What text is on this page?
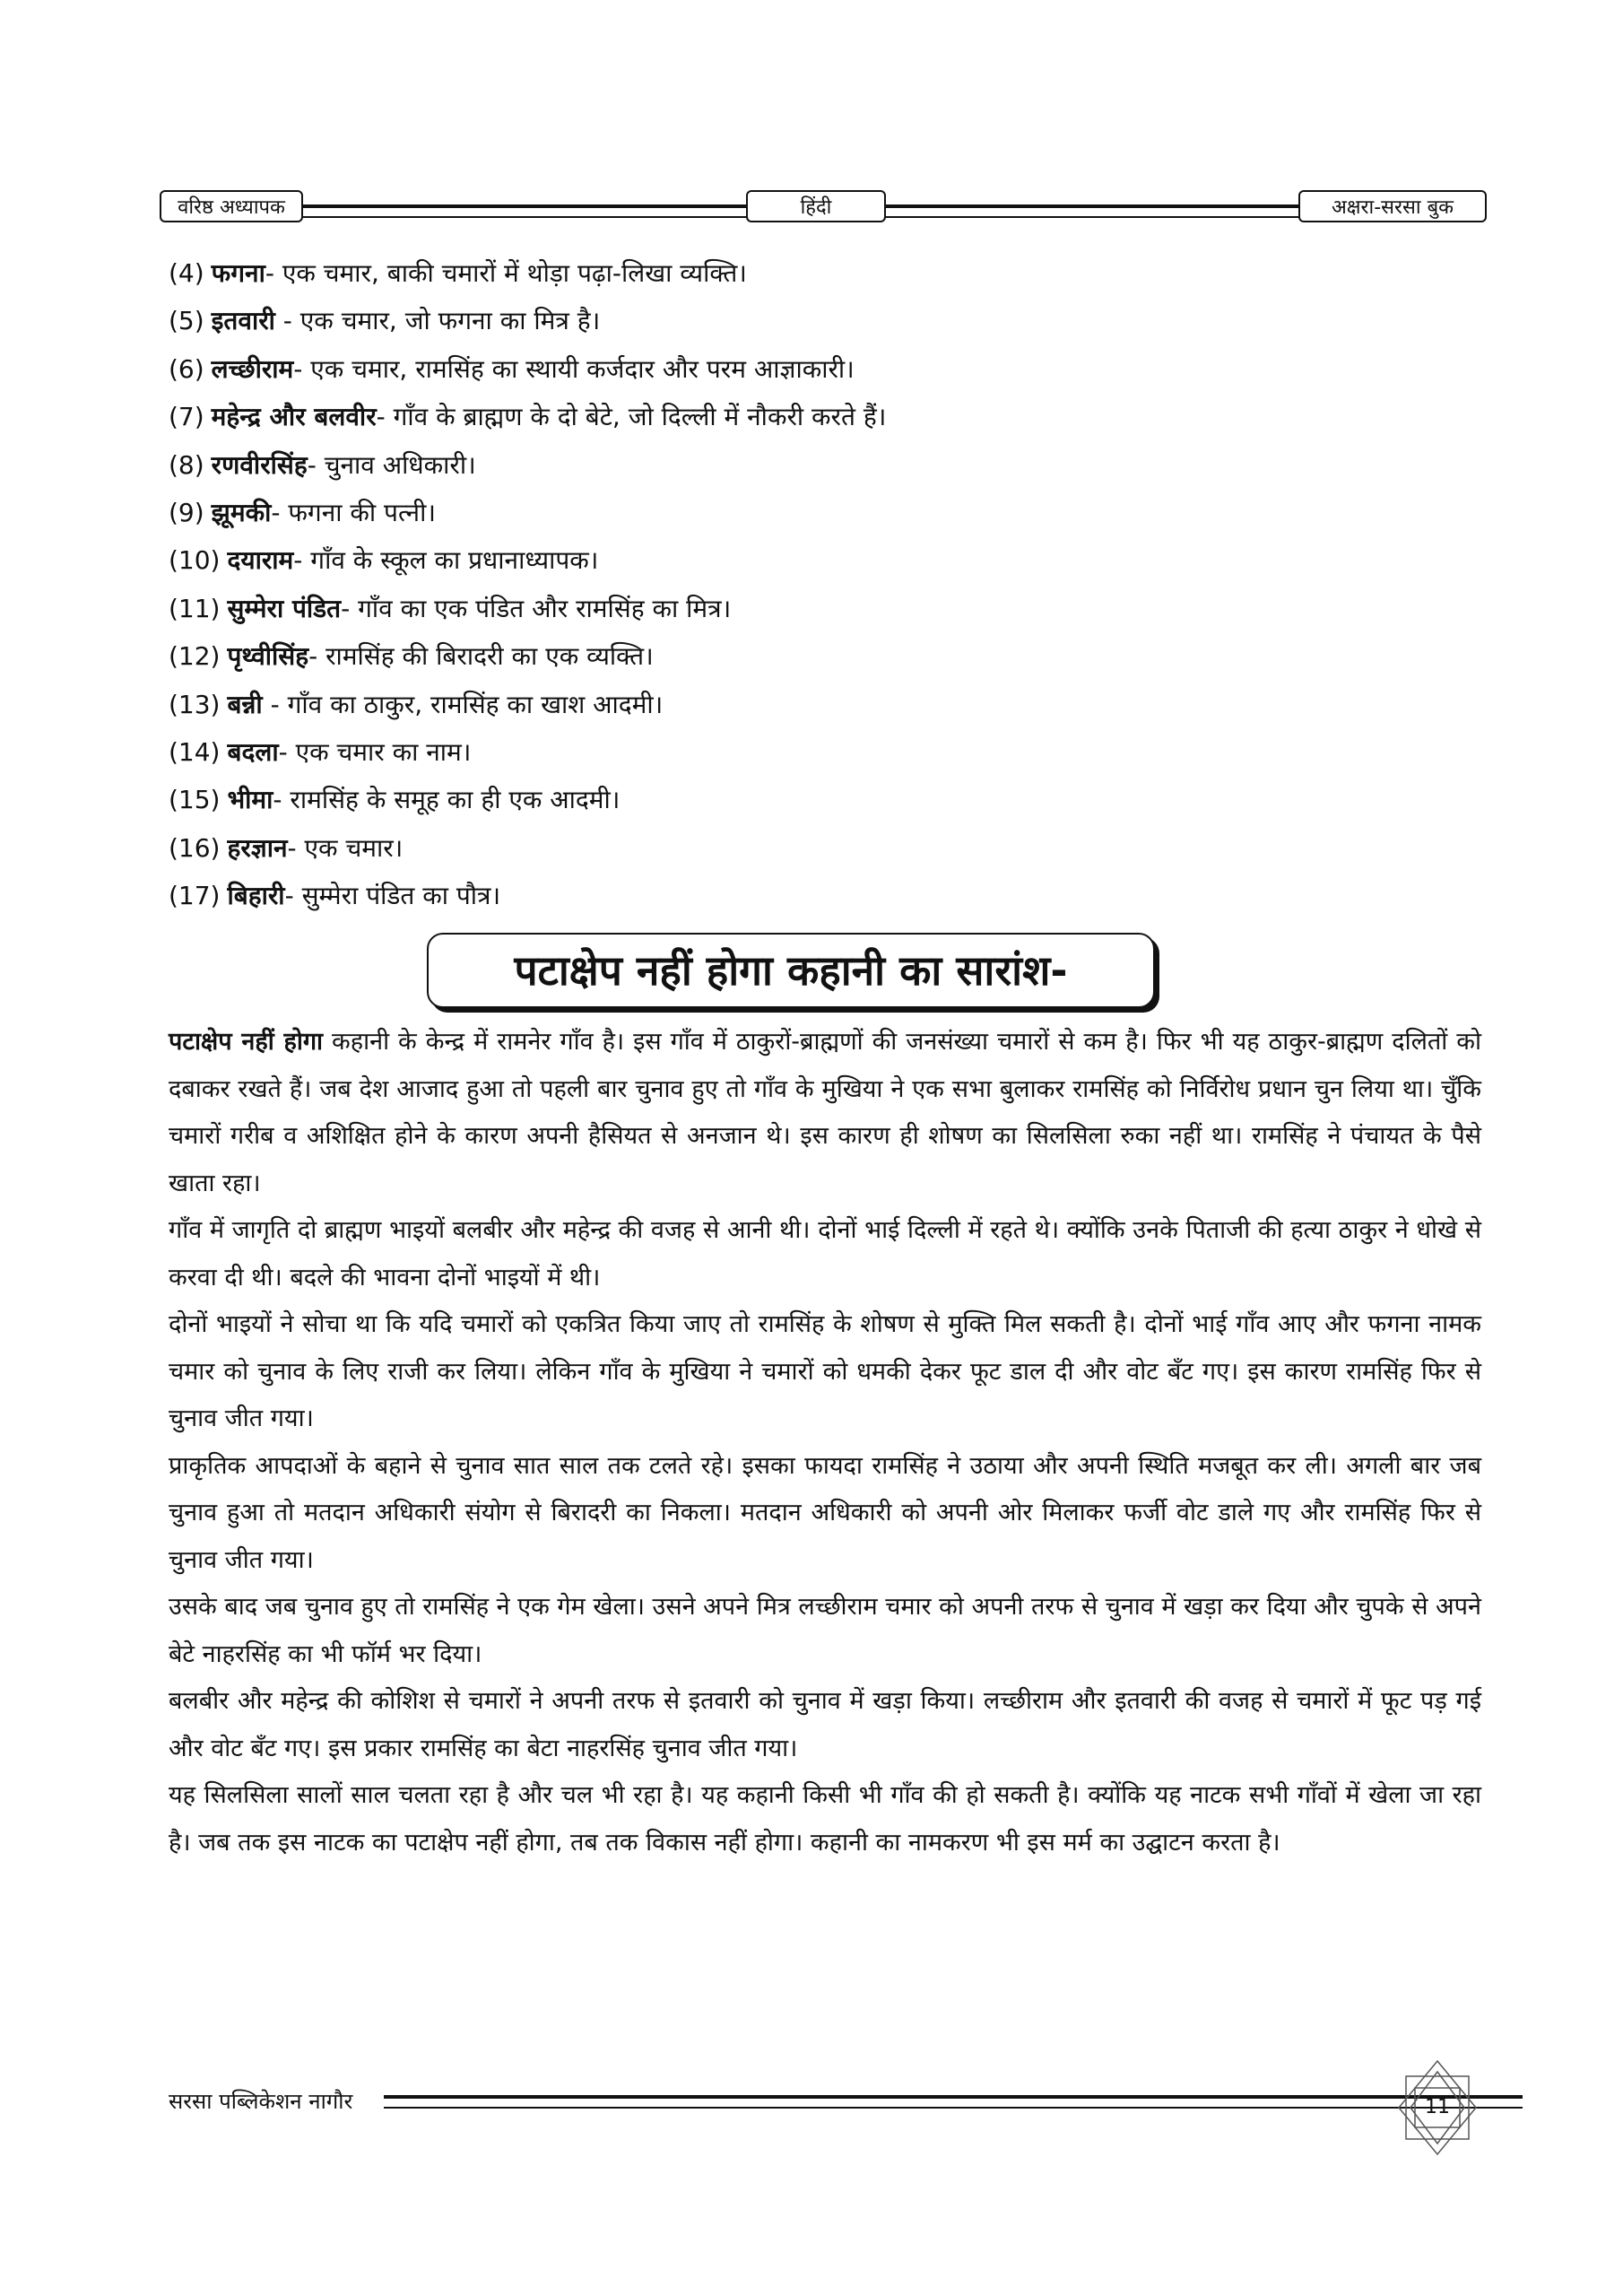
वरिष्ठ अध्यापक	हिंदी	अक्षरा-सरसा बुक
(4) फगना- एक चमार, बाकी चमारों में थोड़ा पढ़ा-लिखा व्यक्ति।
(5) इतवारी - एक चमार, जो फगना का मित्र है।
(6) लच्छीराम- एक चमार, रामसिंह का स्थायी कर्जदार और परम आज्ञाकारी।
(7) महेन्द्र और बलवीर- गाँव के ब्राह्मण के दो बेटे, जो दिल्ली में नौकरी करते हैं।
(8) रणवीरसिंह- चुनाव अधिकारी।
(9) झूमकी- फगना की पत्नी।
(10) दयाराम- गाँव के स्कूल का प्रधानाध्यापक।
(11) सुम्मेरा पंडित- गाँव का एक पंडित और रामसिंह का मित्र।
(12) पृथ्वीसिंह- रामसिंह की बिरादरी का एक व्यक्ति।
(13) बन्नी - गाँव का ठाकुर, रामसिंह का खाश आदमी।
(14) बदला- एक चमार का नाम।
(15) भीमा- रामसिंह के समूह का ही एक आदमी।
(16) हरज्ञान- एक चमार।
(17) बिहारी- सुम्मेरा पंडित का पौत्र।
पटाक्षेप नहीं होगा कहानी का सारांश-

पटाक्षेप नहीं होगा कहानी के केन्द्र में रामनेर गाँव है। इस गाँव में ठाकुरों-ब्राह्मणों की जनसंख्या चमारों से कम है। फिर भी यह ठाकुर-ब्राह्मण दलितों को दबाकर रखते हैं। जब देश आजाद हुआ तो पहली बार चुनाव हुए तो गाँव के मुखिया ने एक सभा बुलाकर रामसिंह को निर्विरोध प्रधान चुन लिया था। चुँकि चमारों गरीब व अशिक्षित होने के कारण अपनी हैसियत से अनजान थे। इस कारण ही शोषण का सिलसिला रुका नहीं था। रामसिंह ने पंचायत के पैसे खाता रहा।

गाँव में जागृति दो ब्राह्मण भाइयों बलबीर और महेन्द्र की वजह से आनी थी। दोनों भाई दिल्ली में रहते थे। क्योंकि उनके पिताजी की हत्या ठाकुर ने धोखे से करवा दी थी। बदले की भावना दोनों भाइयों में थी।

दोनों भाइयों ने सोचा था कि यदि चमारों को एकत्रित किया जाए तो रामसिंह के शोषण से मुक्ति मिल सकती है। दोनों भाई गाँव आए और फगना नामक चमार को चुनाव के लिए राजी कर लिया। लेकिन गाँव के मुखिया ने चमारों को धमकी देकर फूट डाल दी और वोट बँट गए। इस कारण रामसिंह फिर से चुनाव जीत गया।

प्राकृतिक आपदाओं के बहाने से चुनाव सात साल तक टलते रहे। इसका फायदा रामसिंह ने उठाया और अपनी स्थिति मजबूत कर ली। अगली बार जब चुनाव हुआ तो मतदान अधिकारी संयोग से बिरादरी का निकला। मतदान अधिकारी को अपनी ओर मिलाकर फर्जी वोट डाले गए और रामसिंह फिर से चुनाव जीत गया।

उसके बाद जब चुनाव हुए तो रामसिंह ने एक गेम खेला। उसने अपने मित्र लच्छीराम चमार को अपनी तरफ से चुनाव में खड़ा कर दिया और चुपके से अपने बेटे नाहरसिंह का भी फॉर्म भर दिया।

बलबीर और महेन्द्र की कोशिश से चमारों ने अपनी तरफ से इतवारी को चुनाव में खड़ा किया। लच्छीराम और इतवारी की वजह से चमारों में फूट पड़ गई और वोट बँट गए। इस प्रकार रामसिंह का बेटा नाहरसिंह चुनाव जीत गया।

यह सिलसिला सालों साल चलता रहा है और चल भी रहा है। यह कहानी किसी भी गाँव की हो सकती है। क्योंकि यह नाटक सभी गाँवों में खेला जा रहा है। जब तक इस नाटक का पटाक्षेप नहीं होगा, तब तक विकास नहीं होगा। कहानी का नामकरण भी इस मर्म का उद्घाटन करता है।

सरसा पब्लिकेशन नागौर	11
